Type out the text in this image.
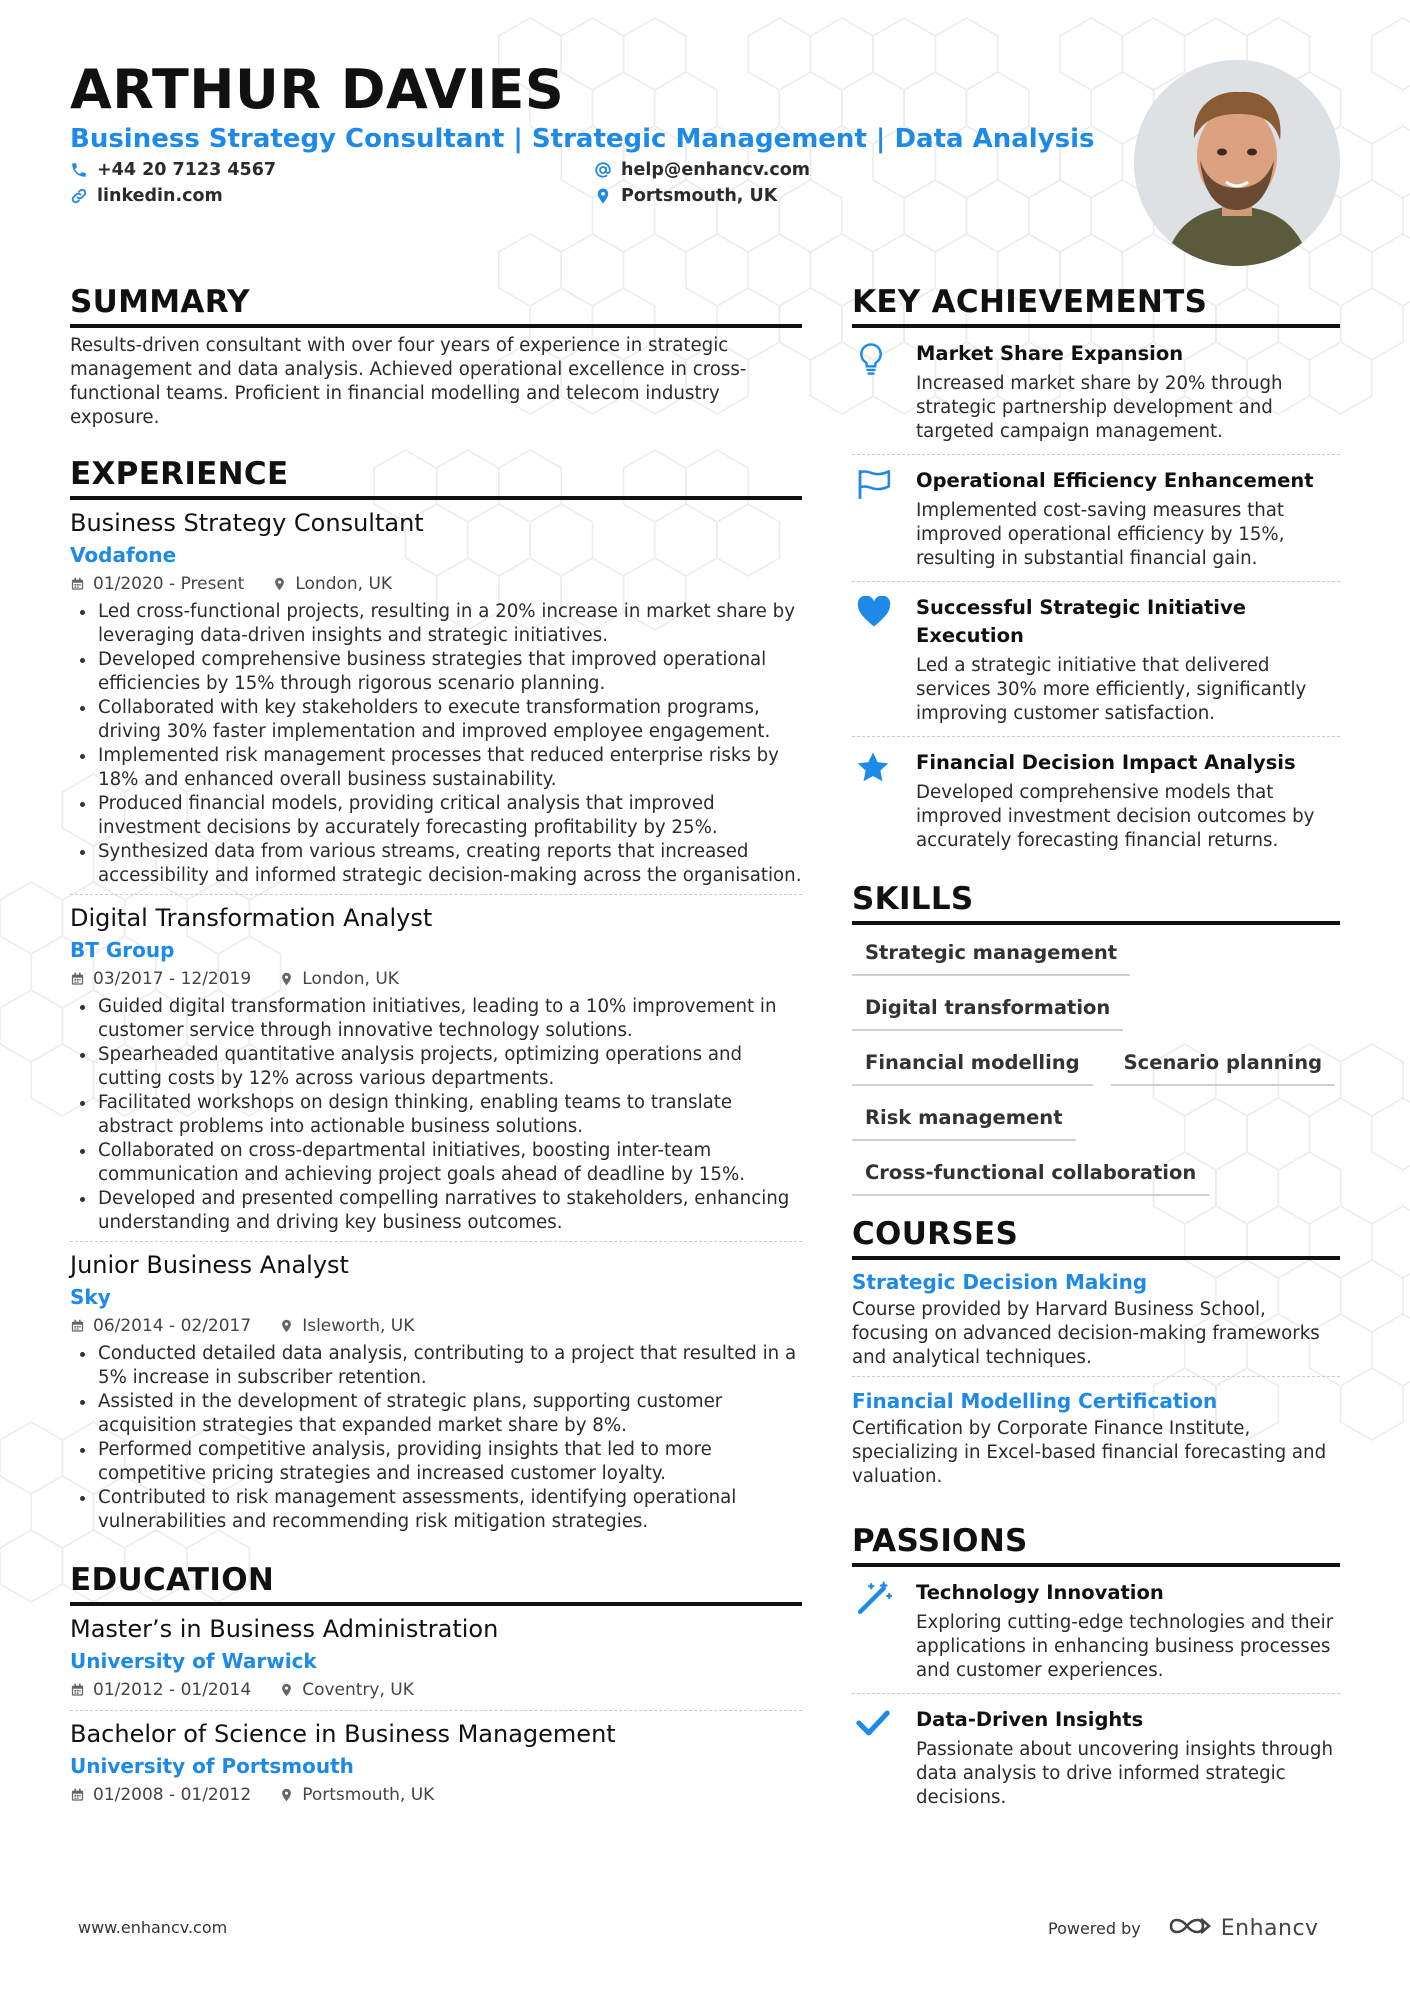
ARTHUR DAVIES
Business Strategy Consultant | Strategic Management | Data Analysis
+44 20 7123 4567	help@enhancv.com
linkedin.com	Portsmouth, UK
SUMMARY

Results-driven consultant with over four years of experience in strategic management and data analysis. Achieved operational excellence in cross-functional teams. Proficient in financial modelling and telecom industry exposure.

EXPERIENCE
Business Strategy Consultant
Vodafone
01/2020 - Present	London, UK
Led cross-functional projects, resulting in a 20% increase in market share by leveraging data-driven insights and strategic initiatives.
Developed comprehensive business strategies that improved operational efficiencies by 15% through rigorous scenario planning.
Collaborated with key stakeholders to execute transformation programs, driving 30% faster implementation and improved employee engagement.
Implemented risk management processes that reduced enterprise risks by 18% and enhanced overall business sustainability.
Produced financial models, providing critical analysis that improved investment decisions by accurately forecasting profitability by 25%.
Synthesized data from various streams, creating reports that increased accessibility and informed strategic decision-making across the organisation.
Digital Transformation Analyst
BT Group
03/2017 - 12/2019	London, UK
Guided digital transformation initiatives, leading to a 10% improvement in customer service through innovative technology solutions.
Spearheaded quantitative analysis projects, optimizing operations and cutting costs by 12% across various departments.
Facilitated workshops on design thinking, enabling teams to translate abstract problems into actionable business solutions.
Collaborated on cross-departmental initiatives, boosting inter-team communication and achieving project goals ahead of deadline by 15%.
Developed and presented compelling narratives to stakeholders, enhancing understanding and driving key business outcomes.
Junior Business Analyst
Sky
06/2014 - 02/2017	Isleworth, UK
Conducted detailed data analysis, contributing to a project that resulted in a 5% increase in subscriber retention.
Assisted in the development of strategic plans, supporting customer acquisition strategies that expanded market share by 8%.
Performed competitive analysis, providing insights that led to more competitive pricing strategies and increased customer loyalty.
Contributed to risk management assessments, identifying operational vulnerabilities and recommending risk mitigation strategies.
EDUCATION
Master’s in Business Administration
University of Warwick
01/2012 - 01/2014	Coventry, UK
Bachelor of Science in Business Management
University of Portsmouth
01/2008 - 01/2012	Portsmouth, UK
KEY ACHIEVEMENTS
Market Share Expansion
Increased market share by 20% through strategic partnership development and targeted campaign management.
Operational Efficiency Enhancement
Implemented cost-saving measures that improved operational efficiency by 15%, resulting in substantial financial gain.
Successful Strategic Initiative Execution
Led a strategic initiative that delivered services 30% more efficiently, significantly improving customer satisfaction.
Financial Decision Impact Analysis
Developed comprehensive models that improved investment decision outcomes by accurately forecasting financial returns.
SKILLS
Strategic management
Digital transformation
Financial modelling	Scenario planning
Risk management
Cross-functional collaboration
COURSES
Strategic Decision Making
Course provided by Harvard Business School, focusing on advanced decision-making frameworks and analytical techniques.
Financial Modelling Certification
Certification by Corporate Finance Institute, specializing in Excel-based financial forecasting and valuation.
PASSIONS
Technology Innovation
Exploring cutting-edge technologies and their applications in enhancing business processes and customer experiences.
Data-Driven Insights
Passionate about uncovering insights through data analysis to drive informed strategic decisions.
www.enhancv.com	Powered by	Enhancv
